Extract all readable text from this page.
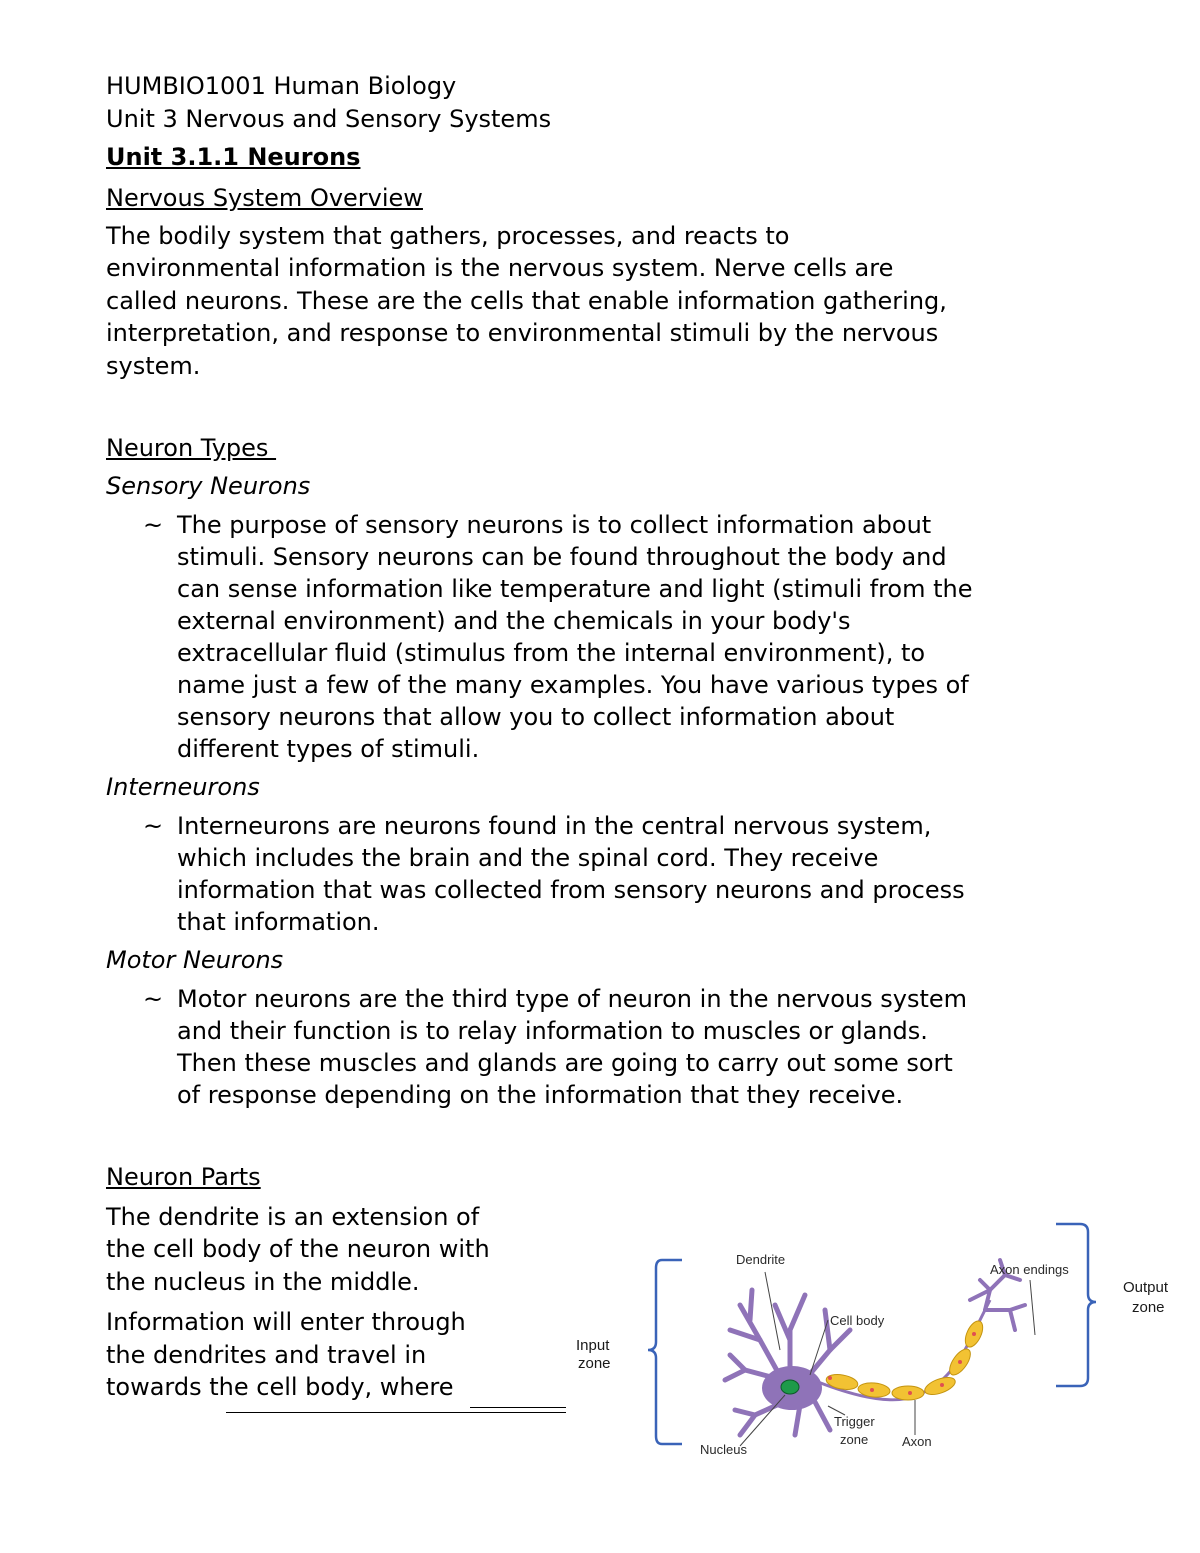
HUMBIO1001 Human Biology
Unit 3 Nervous and Sensory Systems
Unit 3.1.1 Neurons
Nervous System Overview
The bodily system that gathers, processes, and reacts to
environmental information is the nervous system. Nerve cells are
called neurons. These are the cells that enable information gathering,
interpretation, and response to environmental stimuli by the nervous
system.
Neuron Types
Sensory Neurons
~ The purpose of sensory neurons is to collect information about
stimuli. Sensory neurons can be found throughout the body and
can sense information like temperature and light (stimuli from the
external environment) and the chemicals in your body's
extracellular fluid (stimulus from the internal environment), to
name just a few of the many examples. You have various types of
sensory neurons that allow you to collect information about
different types of stimuli.
Interneurons
~ Interneurons are neurons found in the central nervous system,
which includes the brain and the spinal cord. They receive
information that was collected from sensory neurons and process
that information.
Motor Neurons
~ Motor neurons are the third type of neuron in the nervous system
and their function is to relay information to muscles or glands.
Then these muscles and glands are going to carry out some sort
of response depending on the information that they receive.
Neuron Parts

The dendrite is an extension of
the cell body of the neuron with
the nucleus in the middle.

Information will enter through
the dendrites and travel in
towards the cell body, where

Dendrite
Cell body
Nucleus
Trigger
zone	Axon
Axon endings
Input
zone
Output
zone
